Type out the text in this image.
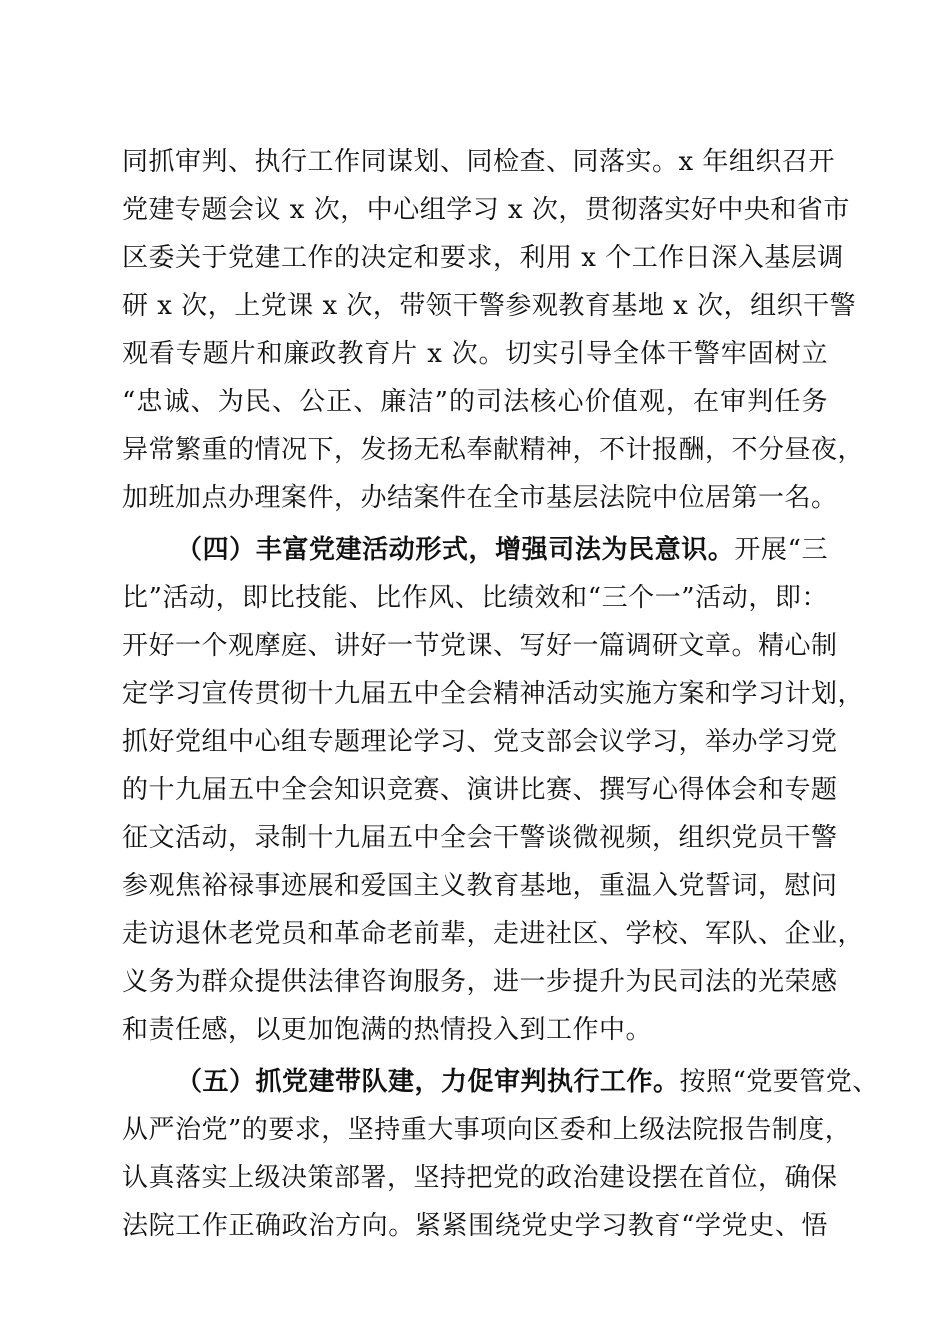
同抓审判、执行工作同谋划、同检查、同落实。x 年组织召开
党建专题会议 x 次，中心组学习 x 次，贯彻落实好中央和省市
区委关于党建工作的决定和要求，利用 x 个工作日深入基层调
研 x 次，上党课 x 次，带领干警参观教育基地 x 次，组织干警
观看专题片和廉政教育片 x 次。切实引导全体干警牢固树立
“忠诚、为民、公正、廉洁”的司法核心价值观，在审判任务
异常繁重的情况下，发扬无私奉献精神，不计报酬，不分昼夜，
加班加点办理案件，办结案件在全市基层法院中位居第一名。
（四）丰富党建活动形式，增强司法为民意识。开展“三
比”活动，即比技能、比作风、比绩效和“三个一”活动，即：
开好一个观摩庭、讲好一节党课、写好一篇调研文章。精心制
定学习宣传贯彻十九届五中全会精神活动实施方案和学习计划，
抓好党组中心组专题理论学习、党支部会议学习，举办学习党
的十九届五中全会知识竞赛、演讲比赛、撰写心得体会和专题
征文活动，录制十九届五中全会干警谈微视频，组织党员干警
参观焦裕禄事迹展和爱国主义教育基地，重温入党誓词，慰问
走访退休老党员和革命老前辈，走进社区、学校、军队、企业，
义务为群众提供法律咨询服务，进一步提升为民司法的光荣感
和责任感，以更加饱满的热情投入到工作中。
（五）抓党建带队建，力促审判执行工作。按照“党要管党、
从严治党”的要求，坚持重大事项向区委和上级法院报告制度，
认真落实上级决策部署，坚持把党的政治建设摆在首位，确保
法院工作正确政治方向。紧紧围绕党史学习教育“学党史、悟
